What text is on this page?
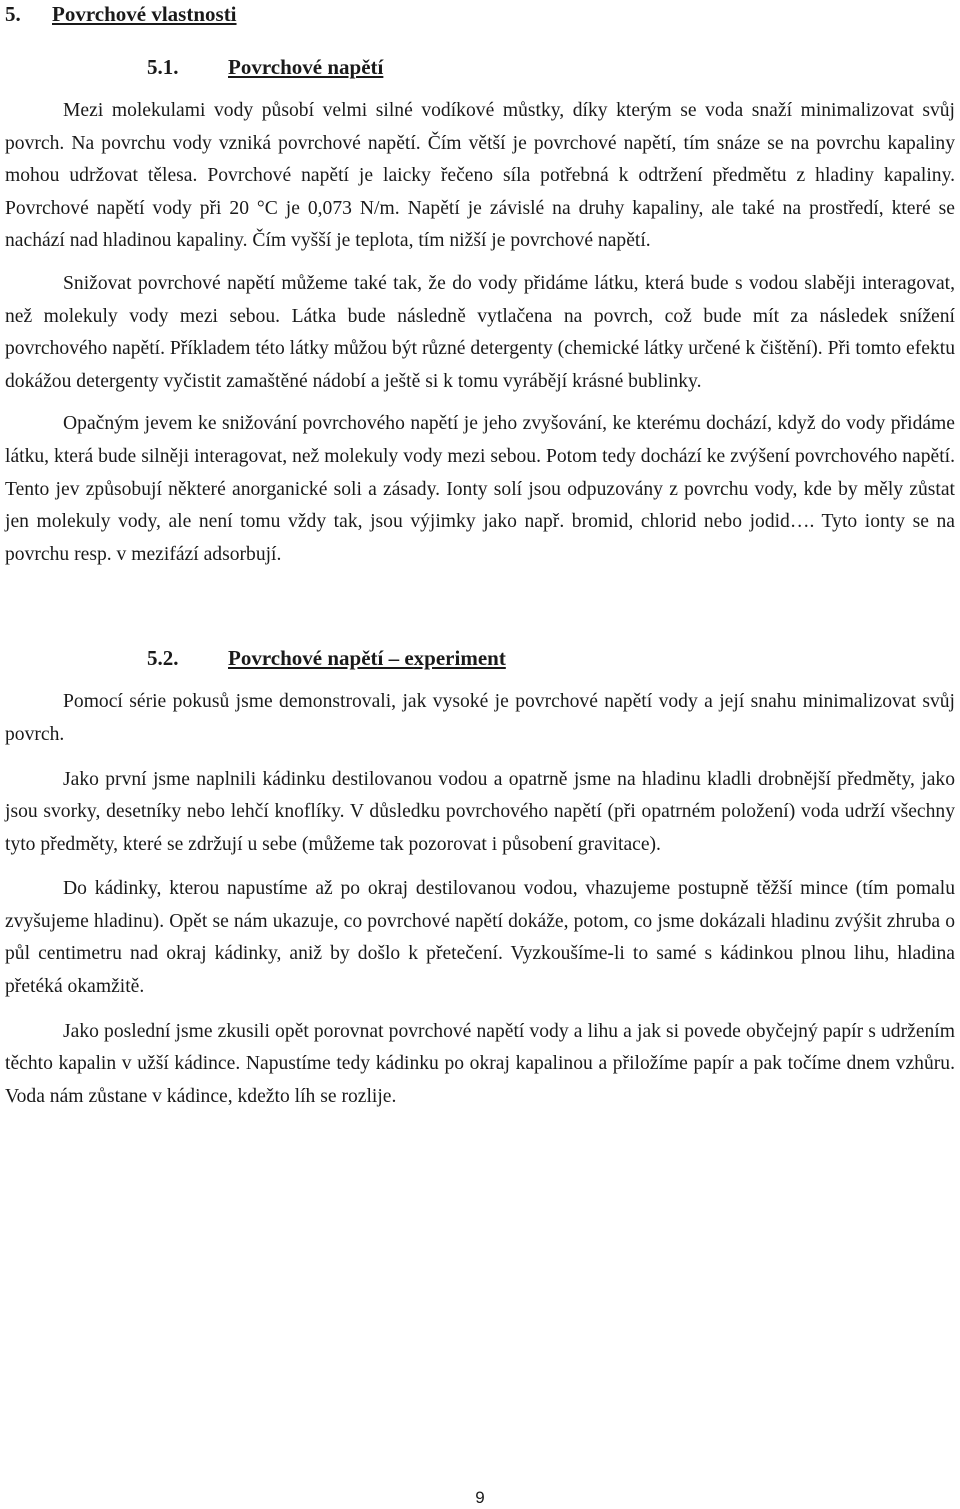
5. Povrchové vlastnosti
5.1. Povrchové napětí

Mezi molekulami vody působí velmi silné vodíkové můstky, díky kterým se voda snaží minimalizovat svůj povrch. Na povrchu vody vzniká povrchové napětí. Čím větší je povrchové napětí, tím snáze se na povrchu kapaliny mohou udržovat tělesa. Povrchové napětí je laicky řečeno síla potřebná k odtržení předmětu z hladiny kapaliny. Povrchové napětí vody při 20 °C je 0,073 N/m. Napětí je závislé na druhy kapaliny, ale také na prostředí, které se nachází nad hladinou kapaliny. Čím vyšší je teplota, tím nižší je povrchové napětí.

Snižovat povrchové napětí můžeme také tak, že do vody přidáme látku, která bude s vodou slaběji interagovat, než molekuly vody mezi sebou. Látka bude následně vytlačena na povrch, což bude mít za následek snížení povrchového napětí. Příkladem této látky můžou být různé detergenty (chemické látky určené k čištění). Při tomto efektu dokážou detergenty vyčistit zamaštěné nádobí a ještě si k tomu vyrábějí krásné bublinky.

Opačným jevem ke snižování povrchového napětí je jeho zvyšování, ke kterému dochází, když do vody přidáme látku, která bude silněji interagovat, než molekuly vody mezi sebou. Potom tedy dochází ke zvýšení povrchového napětí. Tento jev způsobují některé anorganické soli a zásady. Ionty solí jsou odpuzovány z povrchu vody, kde by měly zůstat jen molekuly vody, ale není tomu vždy tak, jsou výjimky jako např. bromid, chlorid nebo jodid…. Tyto ionty se na povrchu resp. v mezifází adsorbují.

5.2. Povrchové napětí – experiment

Pomocí série pokusů jsme demonstrovali, jak vysoké je povrchové napětí vody a její snahu minimalizovat svůj povrch.

Jako první jsme naplnili kádinku destilovanou vodou a opatrně jsme na hladinu kladli drobnější předměty, jako jsou svorky, desetníky nebo lehčí knoflíky. V důsledku povrchového napětí (při opatrném položení) voda udrží všechny tyto předměty, které se zdržují u sebe (můžeme tak pozorovat i působení gravitace).

Do kádinky, kterou napustíme až po okraj destilovanou vodou, vhazujeme postupně těžší mince (tím pomalu zvyšujeme hladinu). Opět se nám ukazuje, co povrchové napětí dokáže, potom, co jsme dokázali hladinu zvýšit zhruba o půl centimetru nad okraj kádinky, aniž by došlo k přetečení. Vyzkoušíme-li to samé s kádinkou plnou lihu, hladina přetéká okamžitě.

Jako poslední jsme zkusili opět porovnat povrchové napětí vody a lihu a jak si povede obyčejný papír s udržením těchto kapalin v užší kádince. Napustíme tedy kádinku po okraj kapalinou a přiložíme papír a pak točíme dnem vzhůru. Voda nám zůstane v kádince, kdežto líh se rozlije.

9
